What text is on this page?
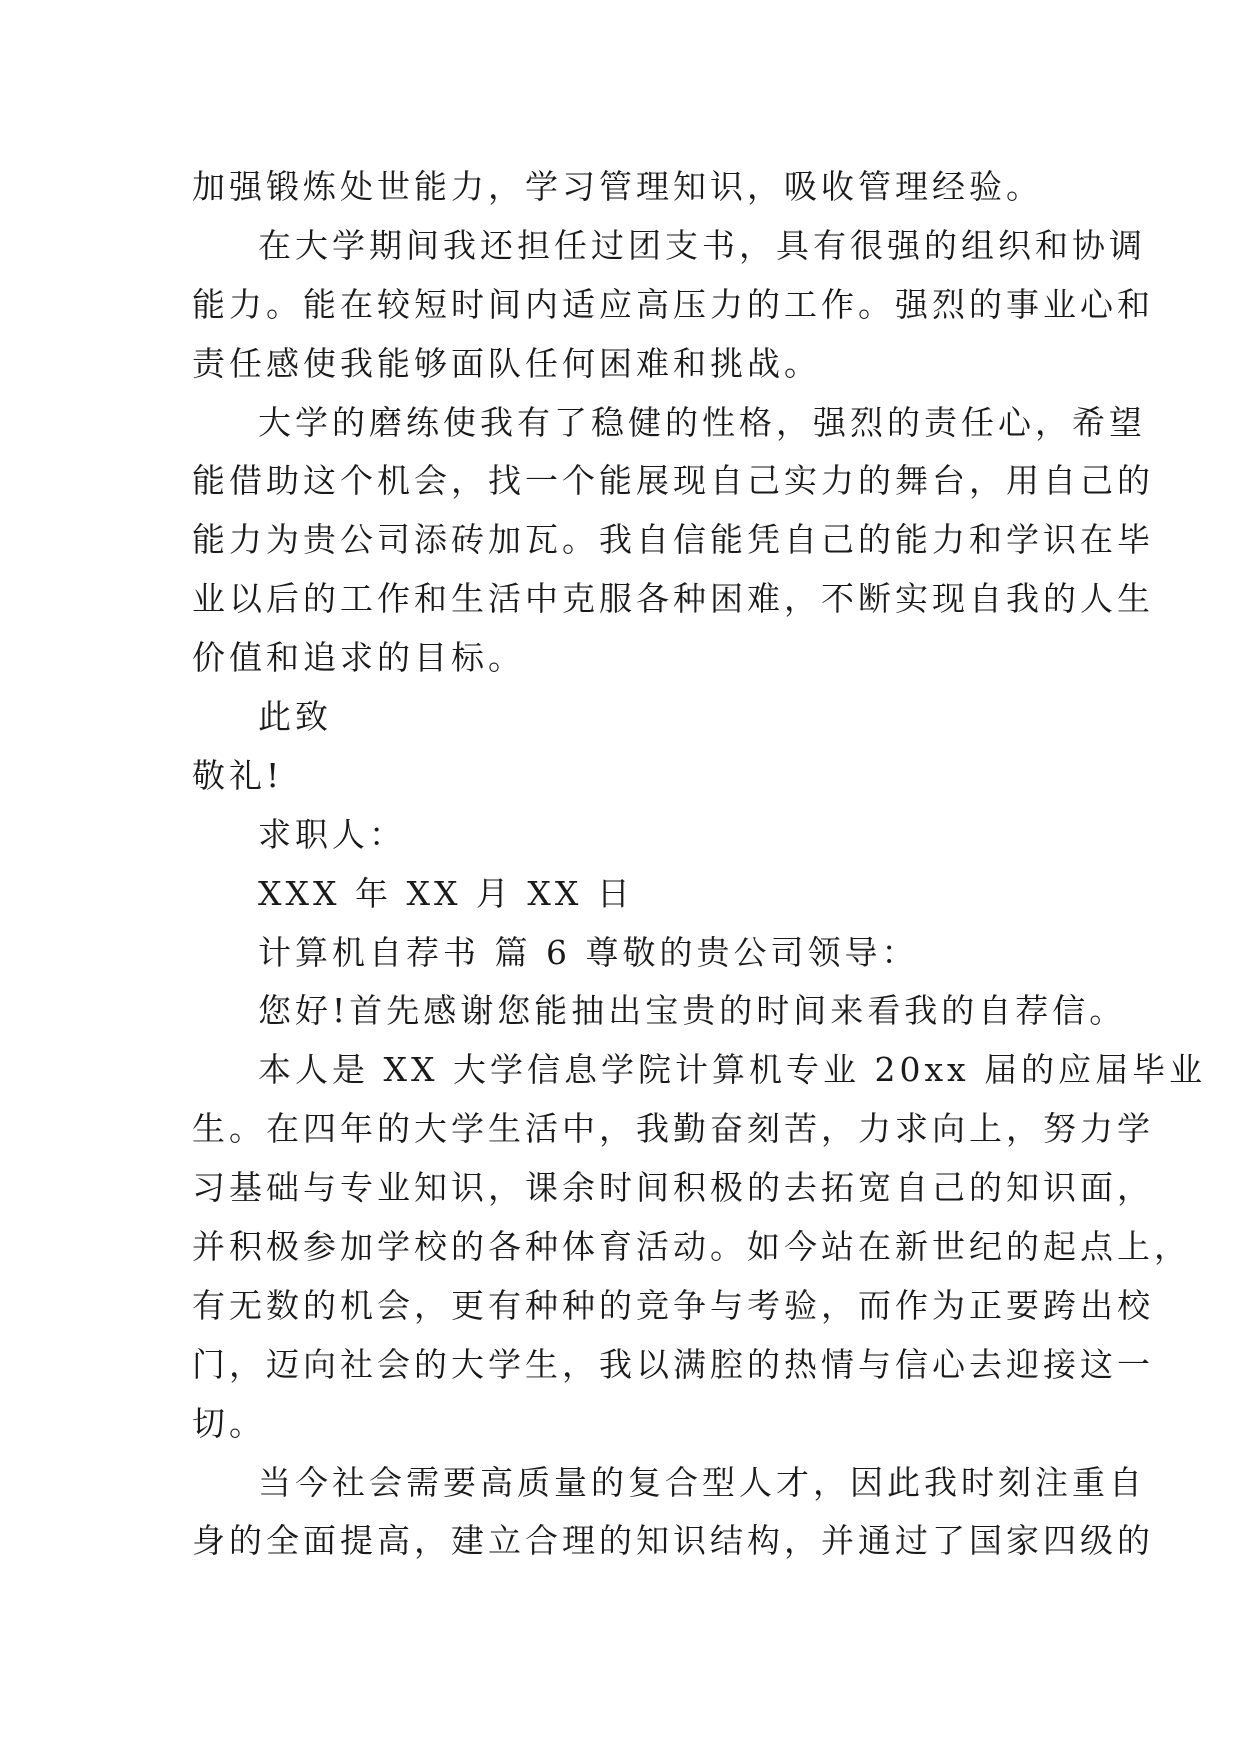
加强锻炼处世能力，学习管理知识，吸收管理经验。

在大学期间我还担任过团支书，具有很强的组织和协调

能力。能在较短时间内适应高压力的工作。强烈的事业心和

责任感使我能够面队任何困难和挑战。

大学的磨练使我有了稳健的性格，强烈的责任心，希望

能借助这个机会，找一个能展现自己实力的舞台，用自己的

能力为贵公司添砖加瓦。我自信能凭自己的能力和学识在毕

业以后的工作和生活中克服各种困难，不断实现自我的人生

价值和追求的目标。

此致

敬礼!

求职人：

XXX 年 XX 月 XX 日

计算机自荐书 篇 6 尊敬的贵公司领导：

您好!首先感谢您能抽出宝贵的时间来看我的自荐信。

本人是 XX 大学信息学院计算机专业 20xx 届的应届毕业

生。在四年的大学生活中，我勤奋刻苦，力求向上，努力学

习基础与专业知识，课余时间积极的去拓宽自己的知识面，

并积极参加学校的各种体育活动。如今站在新世纪的起点上，

有无数的机会，更有种种的竞争与考验，而作为正要跨出校

门，迈向社会的大学生，我以满腔的热情与信心去迎接这一

切。

当今社会需要高质量的复合型人才，因此我时刻注重自

身的全面提高，建立合理的知识结构，并通过了国家四级的
